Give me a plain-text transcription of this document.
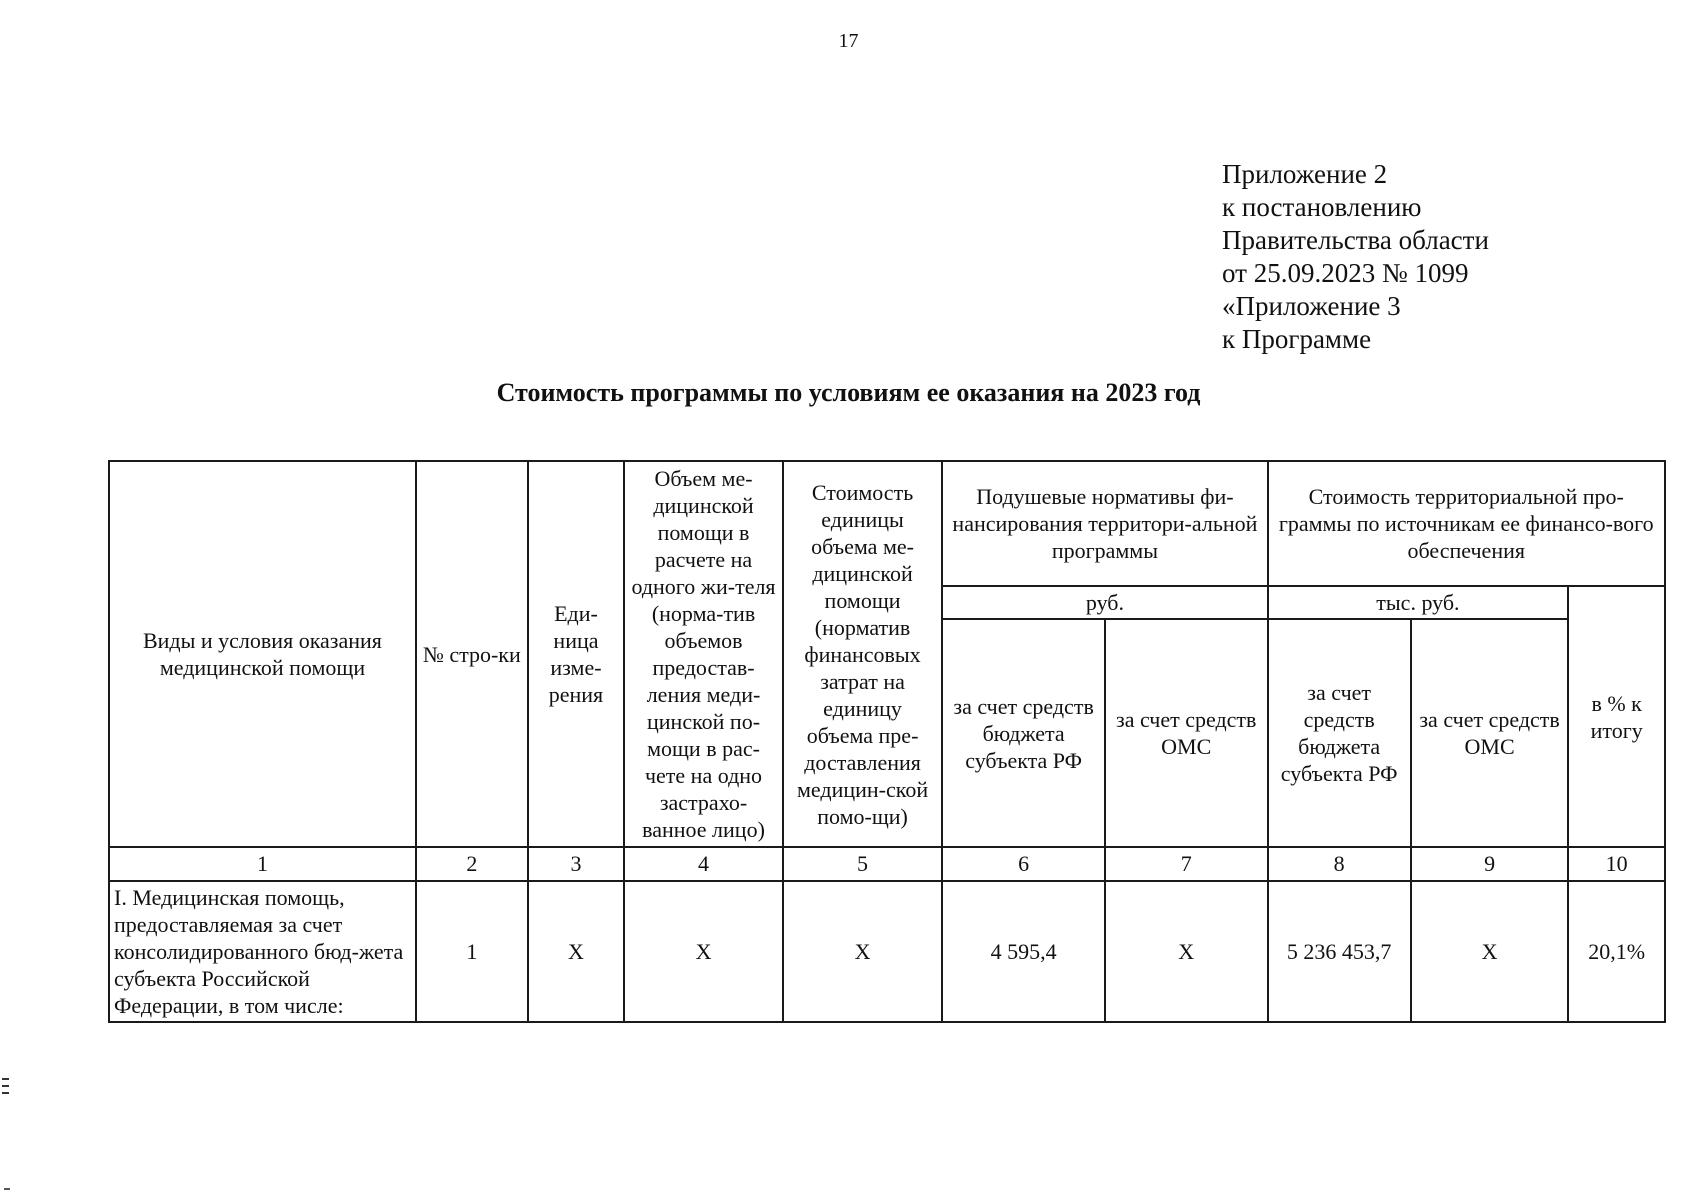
17
Приложение 2
к постановлению
Правительства области
от 25.09.2023 № 1099
«Приложение 3
к Программе
Стоимость программы по условиям ее оказания на 2023 год
Виды и условия оказания медицинской помощи	№ стро-ки	Еди-ница изме-рения	Объем ме-дицинской помощи в расчете на одного жи-теля (норма-тив объемов предостав-ления меди-цинской по-мощи в рас-чете на одно застрахо-ванное лицо)	Стоимость единицы объема ме-дицинской помощи (норматив финансовых затрат на единицу объема пре-доставления медицин-ской помо-щи)	Подушевые нормативы фи-нансирования территори-альной программы		Стоимость территориальной про-граммы по источникам ее финансо-вого обеспечения		
					руб.		тыс. руб.		в % к итогу
					за счет средств бюджета субъекта РФ	за счет средств ОМС	за счет средств бюджета субъекта РФ	за счет средств ОМС	

1	2	3	4	5	6	7	8	9	10
I. Медицинская помощь, предоставляемая за счет консолидированного бюд-жета субъекта Российской Федерации, в том числе:	1	Х	Х	Х	4 595,4	Х	5 236 453,7	Х	20,1%
